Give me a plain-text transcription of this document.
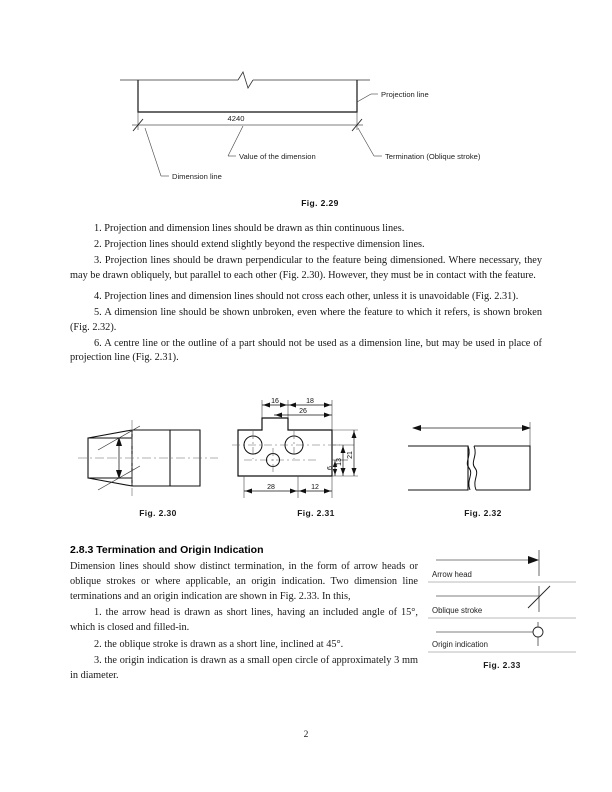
Projection line
4240
Value of the dimension	Termination (Oblique stroke)
Dimension line
Fig. 2.29

1. Projection and dimension lines should be drawn as thin continuous lines.

2. Projection lines should extend slightly beyond the respective dimension lines.

3. Projection lines should be drawn perpendicular to the feature being dimensioned. Where necessary, they may be drawn obliquely, but parallel to each other (Fig. 2.30). However, they must be in contact with the feature.

4. Projection lines and dimension lines should not cross each other, unless it is unavoidable (Fig. 2.31).

5. A dimension line should be shown unbroken, even where the feature to which it refers, is shown broken (Fig. 2.32).

6. A centre line or the outline of a part should not be used as a dimension line, but may be used in place of projection line (Fig. 2.31).

16	18
26
28	12
21
13
6
Fig. 2.30	Fig. 2.31	Fig. 2.32
2.8.3 Termination and Origin Indication

Dimension lines should show distinct termination, in the form of arrow heads or oblique strokes or where applicable, an origin indication. Two dimension line terminations and an origin indication are shown in Fig. 2.33. In this,

1. the arrow head is drawn as short lines, having an included angle of 15°, which is closed and filled-in.

2. the oblique stroke is drawn as a short line, inclined at 45°.

3. the origin indication is drawn as a small open circle of approximately 3 mm in diameter.

Arrow head
Oblique stroke
Origin indication
Fig. 2.33
2
